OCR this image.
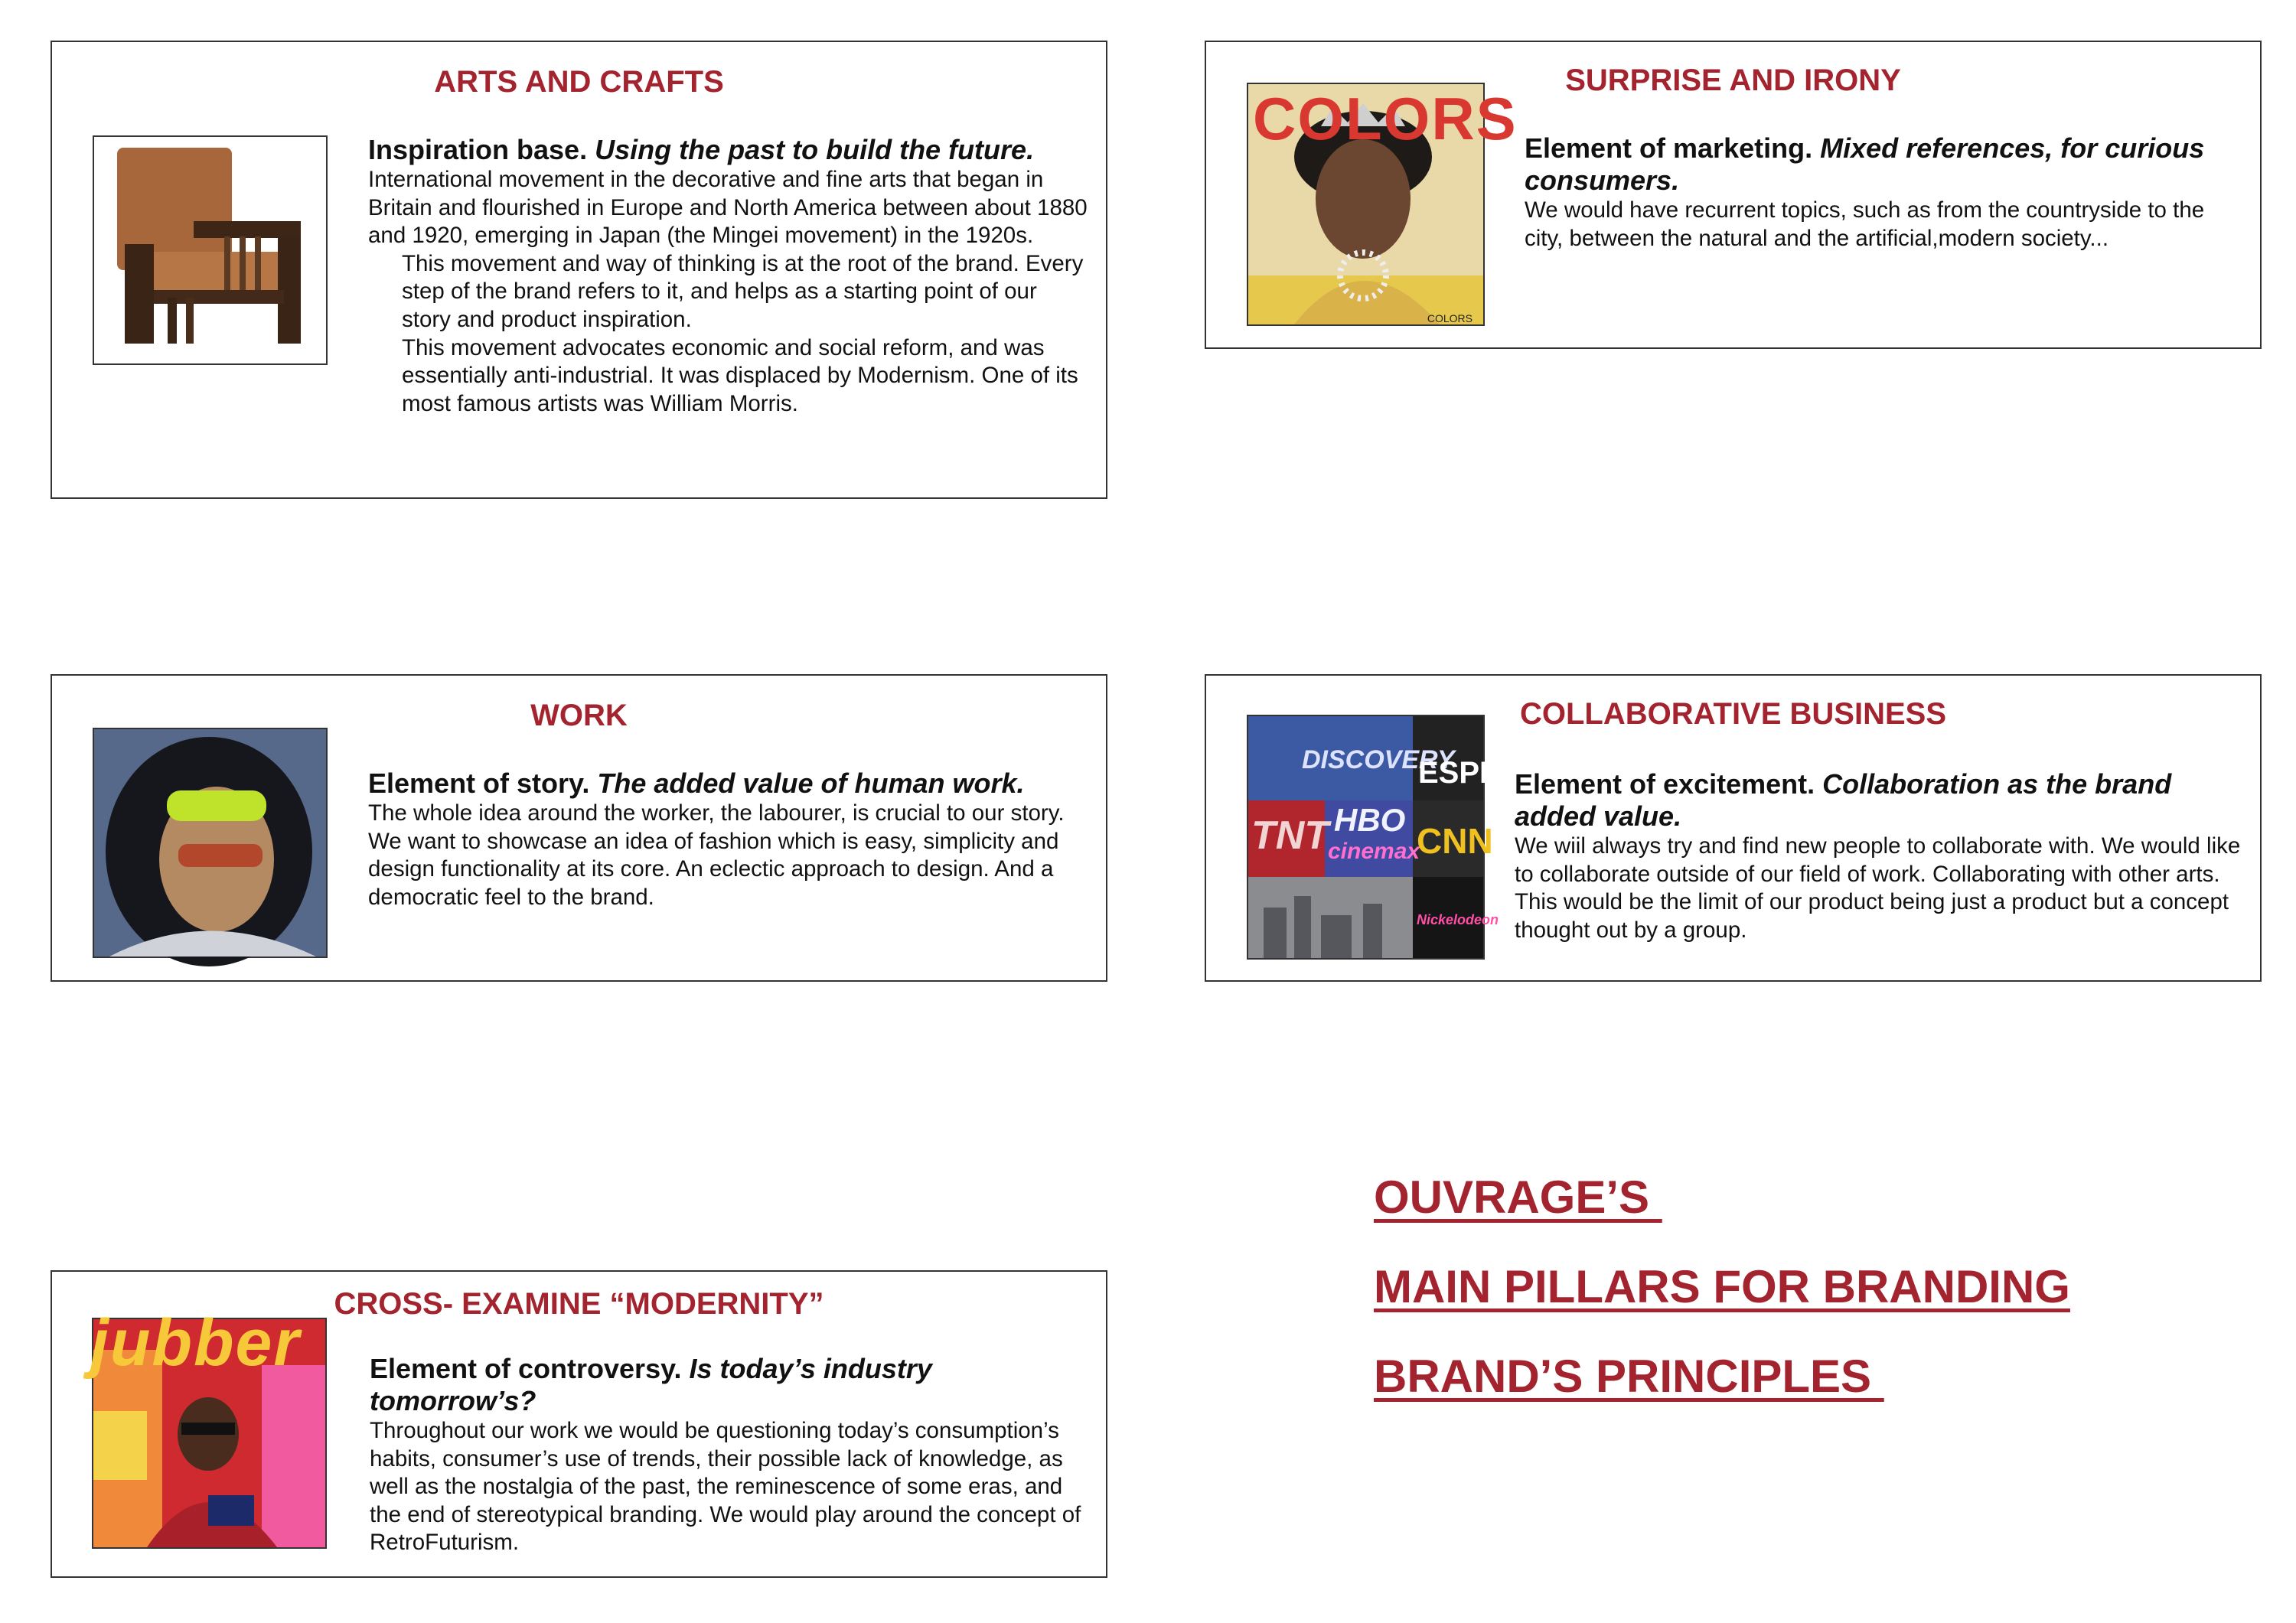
ARTS AND CRAFTS
Inspiration base. Using the past to build the future.
International movement in the decorative and fine arts that began in Britain and flourished in Europe and North America between about 1880 and 1920, emerging in Japan (the Mingei movement) in the 1920s.
This movement and way of thinking is at the root of the brand. Every step of the brand refers to it, and helps as a starting point of our story and product inspiration.
This movement advocates economic and social reform, and was essentially anti-industrial. It was displaced by Modernism. One of its most famous artists was William Morris.
SURPRISE AND IRONY
COLORS
COLORS
Element of marketing. Mixed references, for curious consumers.
We would have recurrent topics, such as from the countryside to the city, between the natural and the artificial,modern society...
WORK
Element of story. The added value of human work.
The whole idea around the worker, the labourer, is crucial to our story. We want to showcase an idea of fashion which is easy, simplicity and design functionality at its core. An eclectic approach to design. And a democratic feel to the brand.
COLLABORATIVE BUSINESS
DISCOVERY
ESPN
TNT HBO
cinemax
CNN
Nickelodeon
Element of excitement. Collaboration as the brand added value.
We wiil always try and find new people to collaborate with. We would like to collaborate outside of our field of work. Collaborating with other arts. This would be the limit of our product being just a product but a concept thought out by a group.
CROSS- EXAMINE “MODERNITY”
jubber	Element of controversy. Is today’s industry tomorrow’s?
Throughout our work we would be questioning today’s consumption’s habits, consumer’s use of trends, their possible lack of knowledge, as well as the nostalgia of the past, the reminescence of some eras, and the end of stereotypical branding. We would play around the concept of RetroFuturism.
OUVRAGE’S
MAIN PILLARS FOR BRANDING
BRAND’S PRINCIPLES
